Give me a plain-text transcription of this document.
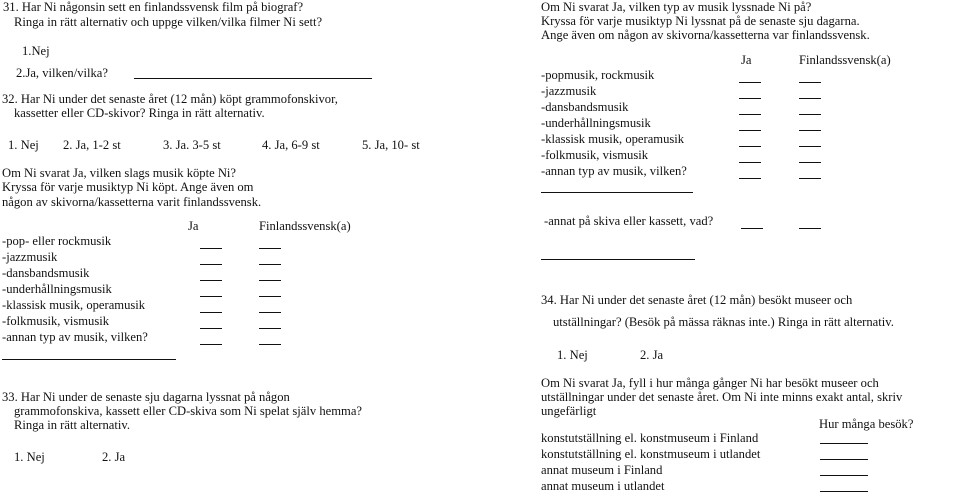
31. Har Ni någonsin sett en finlandssvensk film på biograf?
Ringa in rätt alternativ och uppge vilken/vilka filmer Ni sett?
1.Nej
2.Ja, vilken/vilka?
32. Har Ni under det senaste året (12 mån) köpt grammofonskivor,
kassetter eller CD-skivor? Ringa in rätt alternativ.
1. Nej 2. Ja, 1-2 st	3. Ja. 3-5 st	4. Ja, 6-9 st	5. Ja, 10- st
Om Ni svarat Ja, vilken slags musik köpte Ni?
Kryssa för varje musiktyp Ni köpt. Ange även om
någon av skivorna/kassetterna varit finlandssvensk.
Ja	Finlandssvensk(a)
-pop- eller rockmusik
-jazzmusik
-dansbandsmusik
-underhållningsmusik
-klassisk musik, operamusik
-folkmusik, vismusik
-annan typ av musik, vilken?
33. Har Ni under de senaste sju dagarna lyssnat på någon
grammofonskiva, kassett eller CD-skiva som Ni spelat själv hemma?
Ringa in rätt alternativ.
1. Nej	2. Ja
Om Ni svarat Ja, vilken typ av musik lyssnade Ni på?
Kryssa för varje musiktyp Ni lyssnat på de senaste sju dagarna.
Ange även om någon av skivorna/kassetterna var finlandssvensk.
Ja	Finlandssvensk(a)
-popmusik, rockmusik
-jazzmusik
-dansbandsmusik
-underhållningsmusik
-klassisk musik, operamusik
-folkmusik, vismusik
-annan typ av musik, vilken?
-annat på skiva eller kassett, vad?
34. Har Ni under det senaste året (12 mån) besökt museer och
utställningar? (Besök på mässa räknas inte.) Ringa in rätt alternativ.
1. Nej	2. Ja
Om Ni svarat Ja, fyll i hur många gånger Ni har besökt museer och
utställningar under det senaste året. Om Ni inte minns exakt antal, skriv
ungefärligt
Hur många besök?
konstutställning el. konstmuseum i Finland
konstutställning el. konstmuseum i utlandet
annat museum i Finland
annat museum i utlandet
